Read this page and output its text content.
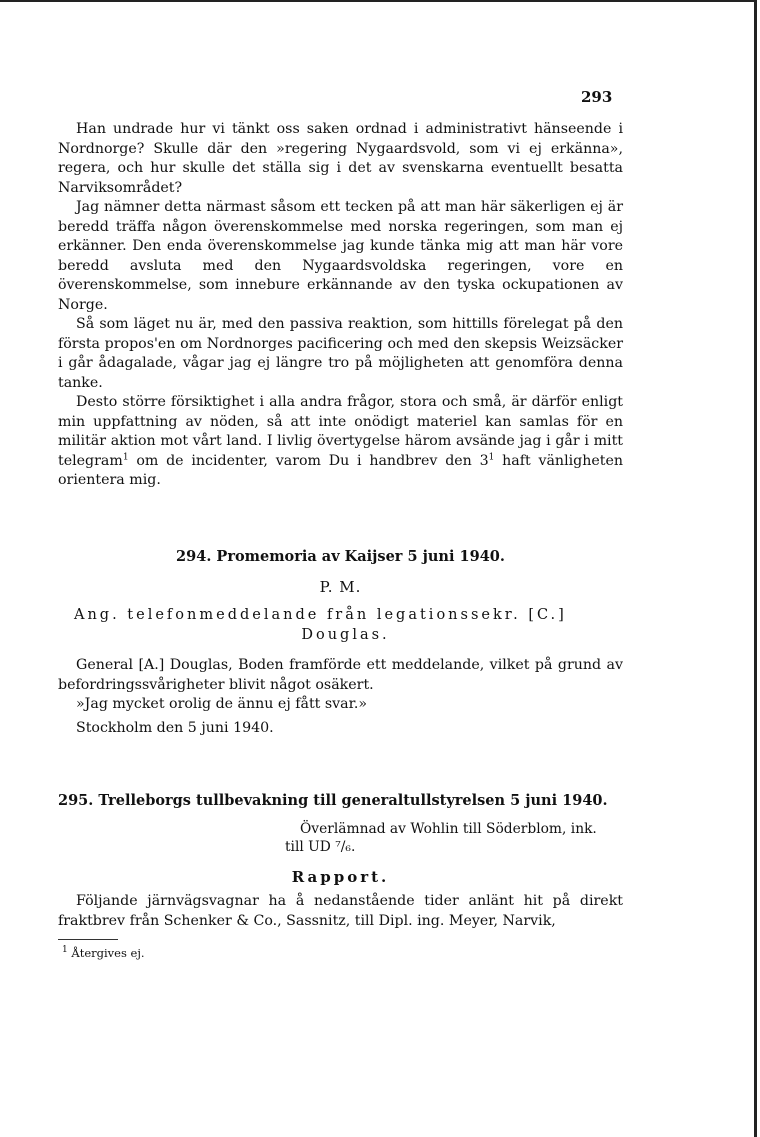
293

Han undrade hur vi tänkt oss saken ordnad i administrativt hänseende i Nordnorge? Skulle där den »regering Nygaardsvold, som vi ej erkänna», regera, och hur skulle det ställa sig i det av svenskarna eventuellt besatta Narviksområdet?

Jag nämner detta närmast såsom ett tecken på att man här säkerligen ej är beredd träffa någon överenskommelse med norska regeringen, som man ej erkänner. Den enda överenskommelse jag kunde tänka mig att man här vore beredd avsluta med den Nygaardsvoldska regeringen, vore en överenskommelse, som innebure erkännande av den tyska ockupationen av Norge.

Så som läget nu är, med den passiva reaktion, som hittills förelegat på den första propos'en om Nordnorges pacificering och med den skepsis Weizsäcker i går ådagalade, vågar jag ej längre tro på möjligheten att genomföra denna tanke.

Desto större försiktighet i alla andra frågor, stora och små, är därför enligt min uppfattning av nöden, så att inte onödigt materiel kan samlas för en militär aktion mot vårt land. I livlig övertygelse härom avsände jag i går i mitt telegram$^1$ om de incidenter, varom Du i handbrev den $3^1$ haft vänligheten orientera mig.

294. Promemoria av Kaijser 5 juni 1940.
P. M.
Ang. telefonmeddelande från legationssekr. [C.]
Douglas.

General [A.] Douglas, Boden framförde ett meddelande, vilket på grund av befordringssvårigheter blivit något osäkert.

»Jag mycket orolig de ännu ej fått svar.»

Stockholm den 5 juni 1940.

295. Trelleborgs tullbevakning till generaltullstyrelsen 5 juni 1940.
Överlämnad av Wohlin till Söderblom, ink.
till UD ⁷/₆.
Rapport.

Följande järnvägsvagnar ha å nedanstående tider anlänt hit på direkt fraktbrev från Schenker & Co., Sassnitz, till Dipl. ing. Meyer, Narvik,

$^1$ Återgives ej.
